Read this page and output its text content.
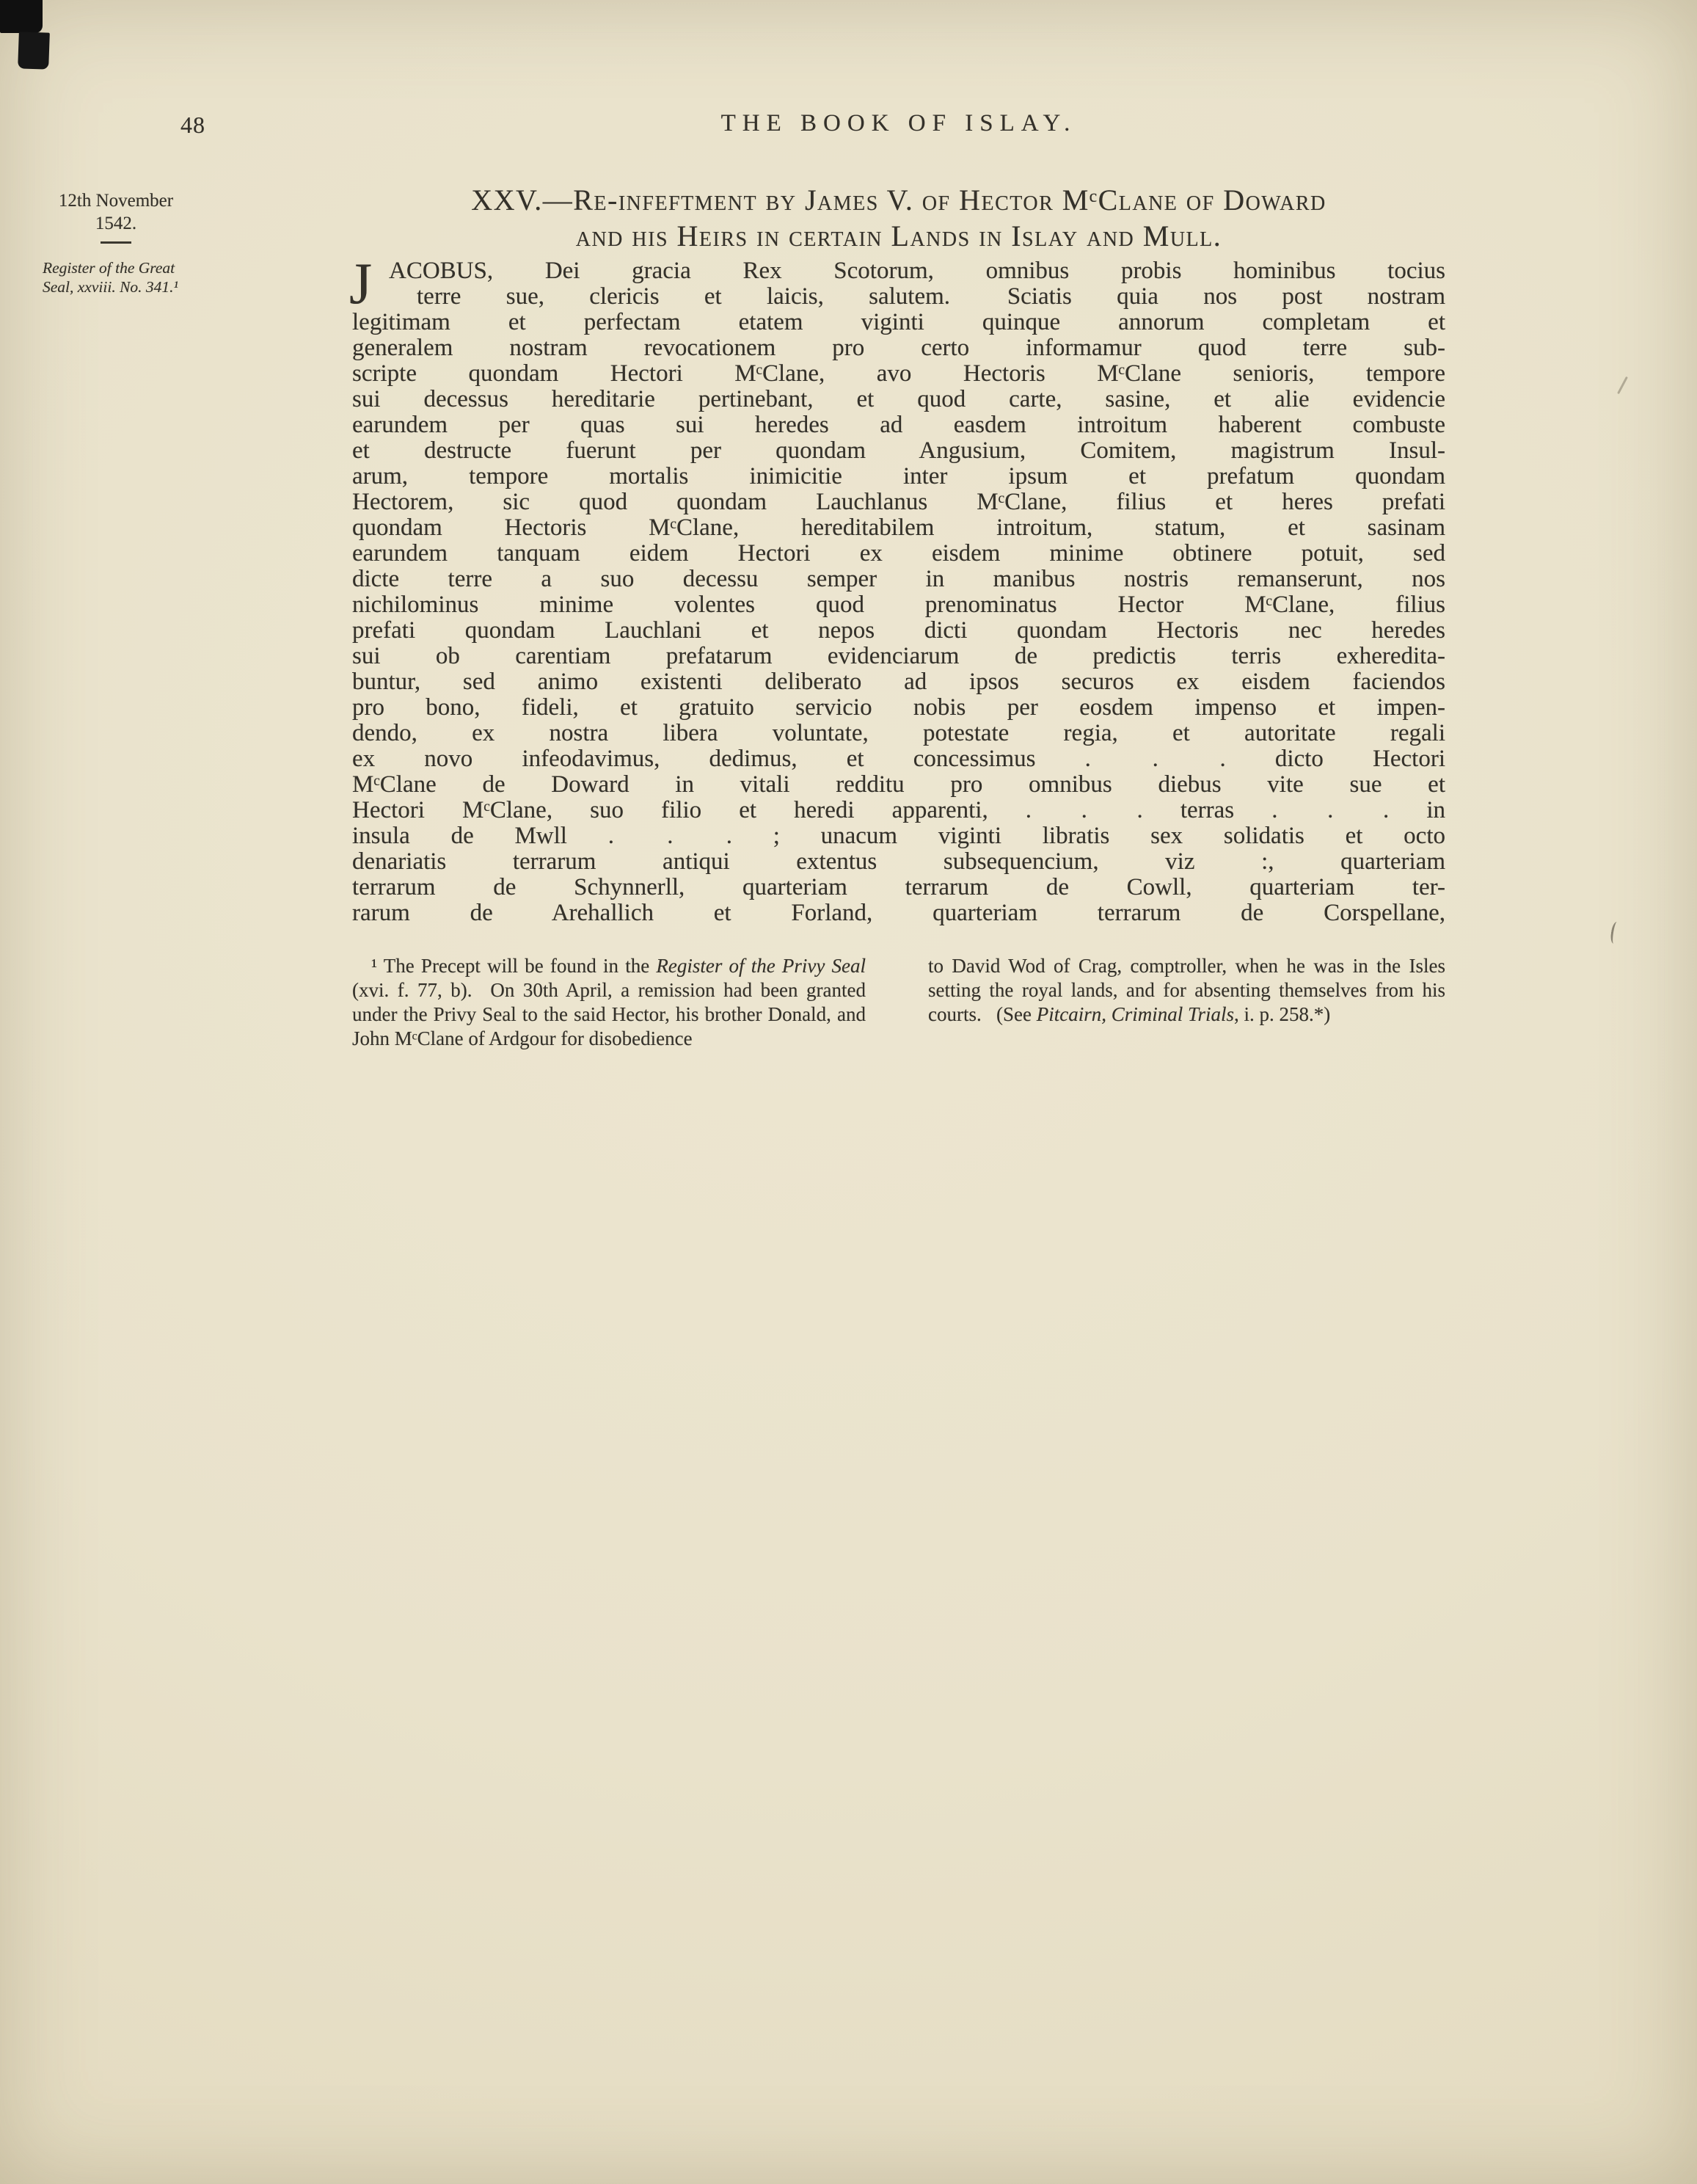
48	THE BOOK OF ISLAY.
12th November
1542.
Register of the Great Seal, xxviii. No. 341.¹
XXV.—Re-infeftment by James V. of Hector MᶜClane of Doward
and his Heirs in certain Lands in Islay and Mull.
J ACOBUS, Dei gracia Rex Scotorum, omnibus probis hominibus tocius
terre sue, clericis et laicis, salutem.  Sciatis quia nos post nostram
legitimam et perfectam etatem viginti quinque annorum completam et
generalem nostram revocationem pro certo informamur quod terre sub-
scripte quondam Hectori MᶜClane, avo Hectoris MᶜClane senioris, tempore
sui decessus hereditarie pertinebant, et quod carte, sasine, et alie evidencie
earundem per quas sui heredes ad easdem introitum haberent combuste
et destructe fuerunt per quondam Angusium, Comitem, magistrum Insul-
arum, tempore mortalis inimicitie inter ipsum et prefatum quondam
Hectorem, sic quod quondam Lauchlanus MᶜClane, filius et heres prefati
quondam Hectoris MᶜClane, hereditabilem introitum, statum, et sasinam
earundem tanquam eidem Hectori ex eisdem minime obtinere potuit, sed
dicte terre a suo decessu semper in manibus nostris remanserunt, nos
nichilominus minime volentes quod prenominatus Hector MᶜClane, filius
prefati quondam Lauchlani et nepos dicti quondam Hectoris nec heredes
sui ob carentiam prefatarum evidenciarum de predictis terris exheredita-
buntur, sed animo existenti deliberato ad ipsos securos ex eisdem faciendos
pro bono, fideli, et gratuito servicio nobis per eosdem impenso et impen-
dendo, ex nostra libera voluntate, potestate regia, et autoritate regali
ex novo infeodavimus, dedimus, et concessimus .  .  . dicto Hectori
MᶜClane de Doward in vitali redditu pro omnibus diebus vite sue et
Hectori MᶜClane, suo filio et heredi apparenti, .  .  . terras .  .  . in
insula de Mwll .  .  . ; unacum viginti libratis sex solidatis et octo
denariatis terrarum antiqui extentus subsequencium, viz :, quarteriam
terrarum de Schynnerll, quarteriam terrarum de Cowll, quarteriam ter-
rarum de Arehallich et Forland, quarteriam terrarum de Corspellane,
¹ The Precept will be found in the Register of the Privy Seal (xvi. f. 77, b).  On 30th April, a remission had been granted under the Privy Seal to the said Hector, his brother Donald, and John MᶜClane of Ardgour for disobedience
to David Wod of Crag, comptroller, when he was in the Isles setting the royal lands, and for absenting themselves from his courts.  (See Pitcairn, Criminal Trials, i. p. 258.*)
